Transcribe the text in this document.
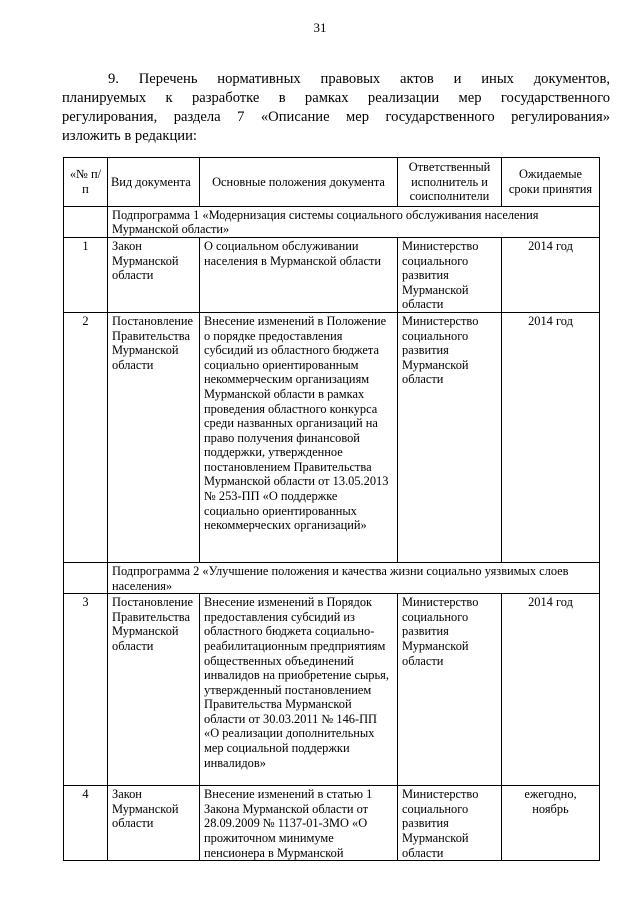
31

9. Перечень нормативных правовых актов и иных документов,

планируемых к разработке в рамках реализации мер государственного

регулирования, раздела 7 «Описание мер государственного регулирования»

изложить в редакции:

«№ п/п	Вид документа	Основные положения документа	Ответственный исполнитель и соисполнители	Ожидаемые сроки принятия
	Подпрограмма 1 «Модернизация системы социального обслуживания населения Мурманской области»			
1	Закон Мурманской области	О социальном обслуживании населения в Мурманской области	Министерство социального развития Мурманской области	2014 год
2	Постановление Правительства Мурманской области	Внесение изменений в Положение о порядке предоставления субсидий из областного бюджета социально ориентированным некоммерческим организациям Мурманской области в рамках проведения областного конкурса среди названных организаций на право получения финансовой поддержки, утвержденное постановлением Правительства Мурманской области от 13.05.2013 № 253-ПП «О поддержке социально ориентированных некоммерческих организаций»	Министерство социального развития Мурманской области	2014 год
	Подпрограмма 2 «Улучшение положения и качества жизни социально уязвимых слоев населения»			
3	Постановление Правительства Мурманской области	Внесение изменений в Порядок предоставления субсидий из областного бюджета социально-реабилитационным предприятиям общественных объединений инвалидов на приобретение сырья, утвержденный постановлением Правительства Мурманской области от 30.03.2011 № 146-ПП «О реализации дополнительных мер социальной поддержки инвалидов»	Министерство социального развития Мурманской области	2014 год
4	Закон Мурманской области	Внесение изменений в статью 1 Закона Мурманской области от 28.09.2009 № 1137-01-ЗМО «О прожиточном минимуме пенсионера в Мурманской	Министерство социального развития Мурманской области	ежегодно, ноябрь
